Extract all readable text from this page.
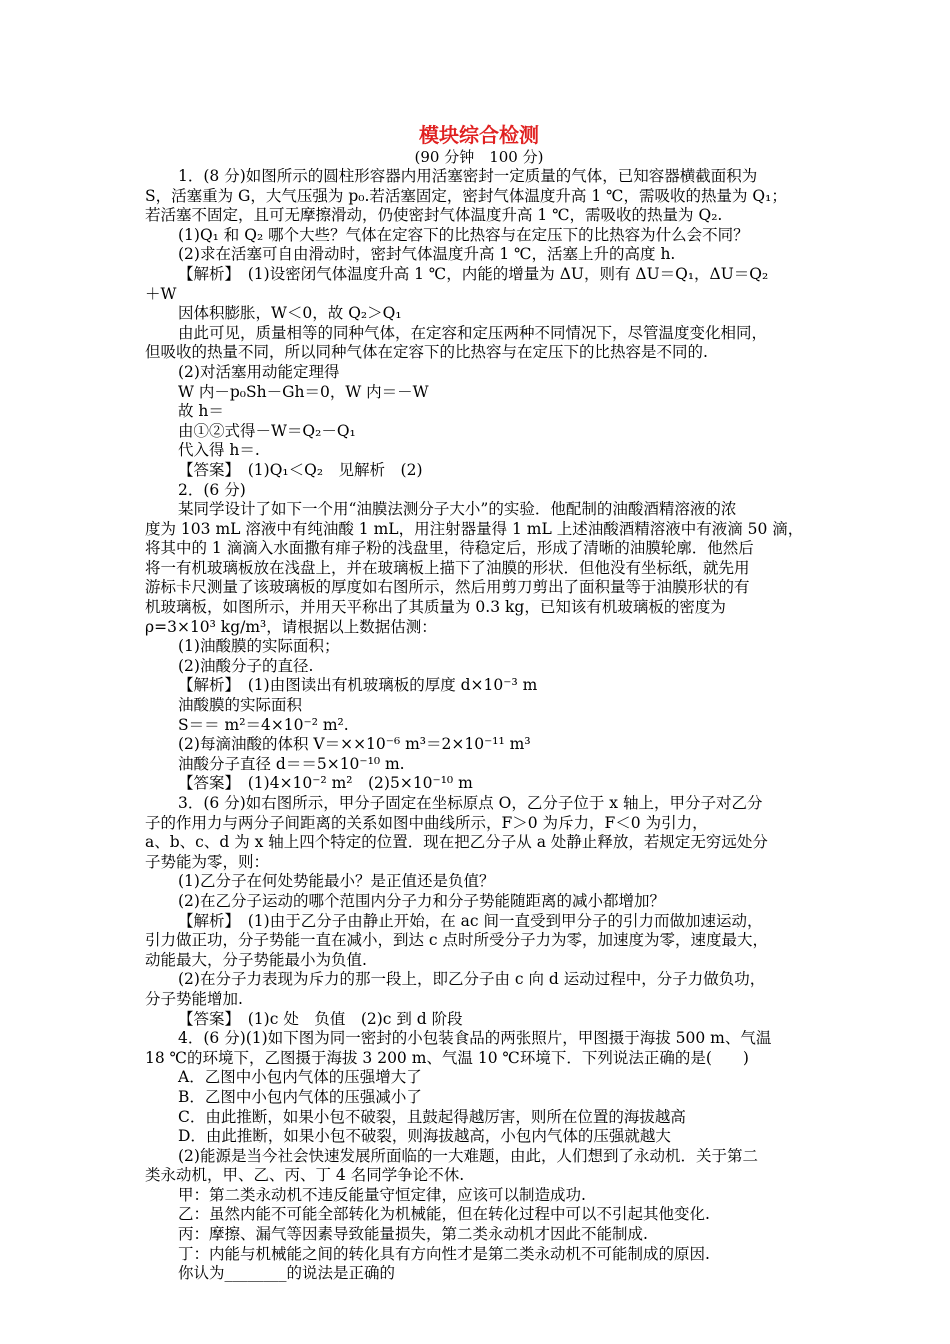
模块综合检测
(90 分钟　100 分)

1．(8 分)如图所示的圆柱形容器内用活塞密封一定质量的气体，已知容器横截面积为

S，活塞重为 G，大气压强为 p₀.若活塞固定，密封气体温度升高 1 ℃，需吸收的热量为 Q₁；

若活塞不固定，且可无摩擦滑动，仍使密封气体温度升高 1 ℃，需吸收的热量为 Q₂.

(1)Q₁ 和 Q₂ 哪个大些？气体在定容下的比热容与在定压下的比热容为什么会不同？

(2)求在活塞可自由滑动时，密封气体温度升高 1 ℃，活塞上升的高度 h.

【解析】　(1)设密闭气体温度升高 1 ℃，内能的增量为 ΔU，则有 ΔU＝Q₁，ΔU＝Q₂

＋W

因体积膨胀，W＜0，故 Q₂＞Q₁

由此可见，质量相等的同种气体，在定容和定压两种不同情况下，尽管温度变化相同，

但吸收的热量不同，所以同种气体在定容下的比热容与在定压下的比热容是不同的.

(2)对活塞用动能定理得

W 内－p₀Sh－Gh＝0，W 内＝－W

故 h＝

由①②式得－W＝Q₂－Q₁

代入得 h＝.

【答案】　(1)Q₁＜Q₂　见解析　(2)

2．(6 分)

某同学设计了如下一个用“油膜法测分子大小”的实验．他配制的油酸酒精溶液的浓

度为 103 mL 溶液中有纯油酸 1 mL，用注射器量得 1 mL 上述油酸酒精溶液中有液滴 50 滴，

将其中的 1 滴滴入水面撒有痱子粉的浅盘里，待稳定后，形成了清晰的油膜轮廓．他然后

将一有机玻璃板放在浅盘上，并在玻璃板上描下了油膜的形状．但他没有坐标纸，就先用

游标卡尺测量了该玻璃板的厚度如右图所示，然后用剪刀剪出了面积量等于油膜形状的有

机玻璃板，如图所示，并用天平称出了其质量为 0.3 kg，已知该有机玻璃板的密度为

ρ=3×10³ kg/m³，请根据以上数据估测：

(1)油酸膜的实际面积；

(2)油酸分子的直径.

【解析】　(1)由图读出有机玻璃板的厚度 d×10⁻³ m

油酸膜的实际面积

S＝＝ m²＝4×10⁻² m².

(2)每滴油酸的体积 V＝××10⁻⁶ m³＝2×10⁻¹¹ m³

油酸分子直径 d＝＝5×10⁻¹⁰ m.

【答案】　(1)4×10⁻² m²　(2)5×10⁻¹⁰ m

3．(6 分)如右图所示，甲分子固定在坐标原点 O，乙分子位于 x 轴上，甲分子对乙分

子的作用力与两分子间距离的关系如图中曲线所示，F＞0 为斥力，F＜0 为引力，

a、b、c、d 为 x 轴上四个特定的位置．现在把乙分子从 a 处静止释放，若规定无穷远处分

子势能为零，则：

(1)乙分子在何处势能最小？是正值还是负值？

(2)在乙分子运动的哪个范围内分子力和分子势能随距离的减小都增加？

【解析】　(1)由于乙分子由静止开始，在 ac 间一直受到甲分子的引力而做加速运动，

引力做正功，分子势能一直在减小，到达 c 点时所受分子力为零，加速度为零，速度最大，

动能最大，分子势能最小为负值.

(2)在分子力表现为斥力的那一段上，即乙分子由 c 向 d 运动过程中，分子力做负功，

分子势能增加.

【答案】　(1)c 处　负值　(2)c 到 d 阶段

4．(6 分)(1)如下图为同一密封的小包装食品的两张照片，甲图摄于海拔 500 m、气温

18 ℃的环境下，乙图摄于海拔 3 200 m、气温 10 ℃环境下．下列说法正确的是(　　)

A．乙图中小包内气体的压强增大了

B．乙图中小包内气体的压强减小了

C．由此推断，如果小包不破裂，且鼓起得越厉害，则所在位置的海拔越高

D．由此推断，如果小包不破裂，则海拔越高，小包内气体的压强就越大

(2)能源是当今社会快速发展所面临的一大难题，由此，人们想到了永动机．关于第二

类永动机，甲、乙、丙、丁 4 名同学争论不休.

甲：第二类永动机不违反能量守恒定律，应该可以制造成功.

乙：虽然内能不可能全部转化为机械能，但在转化过程中可以不引起其他变化.

丙：摩擦、漏气等因素导致能量损失，第二类永动机才因此不能制成.

丁：内能与机械能之间的转化具有方向性才是第二类永动机不可能制成的原因.

你认为________的说法是正确的
